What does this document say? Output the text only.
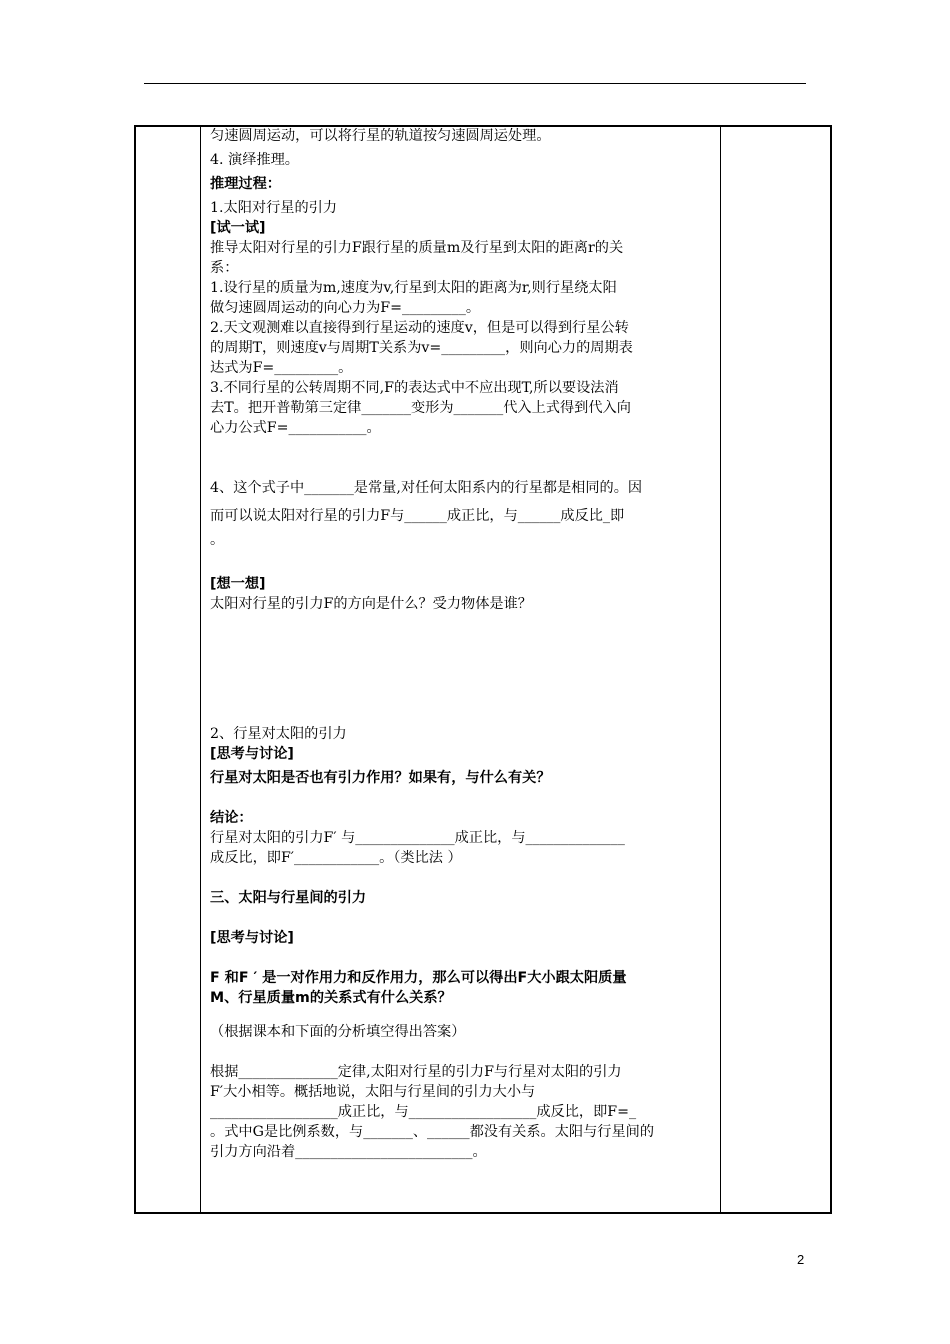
匀速圆周运动，可以将行星的轨道按匀速圆周运处理。
4. 演绎推理。
推理过程：
1.太阳对行星的引力
[试一试]
推导太阳对行星的引力F跟行星的质量m及行星到太阳的距离r的关
系：
1.设行星的质量为m,速度为v,行星到太阳的距离为r,则行星绕太阳
做匀速圆周运动的向心力为F=_________。
2.天文观测难以直接得到行星运动的速度v，但是可以得到行星公转
的周期T，则速度v与周期T关系为v=_________，则向心力的周期表
达式为F=_________。
3.不同行星的公转周期不同,F的表达式中不应出现T,所以要设法消
去T。把开普勒第三定律_______变形为_______代入上式得到代入向
心力公式F=___________。
4、这个式子中_______是常量,对任何太阳系内的行星都是相同的。因
而可以说太阳对行星的引力F与______成正比，与______成反比_即
。
[想一想]
太阳对行星的引力F的方向是什么？受力物体是谁？
2、行星对太阳的引力
[思考与讨论]
行星对太阳是否也有引力作用？如果有，与什么有关？
结论：
行星对太阳的引力F′ 与______________成正比，与______________
成反比，即F′____________。（类比法 ）
三、太阳与行星间的引力
[思考与讨论]
F 和F ′ 是一对作用力和反作用力，那么可以得出F大小跟太阳质量
M、行星质量m的关系式有什么关系？
（根据课本和下面的分析填空得出答案）
根据______________定律,太阳对行星的引力F与行星对太阳的引力
F′大小相等。概括地说，太阳与行星间的引力大小与
__________________成正比，与__________________成反比，即F=_
。式中G是比例系数，与_______、______都没有关系。太阳与行星间的
引力方向沿着_________________________。
2
